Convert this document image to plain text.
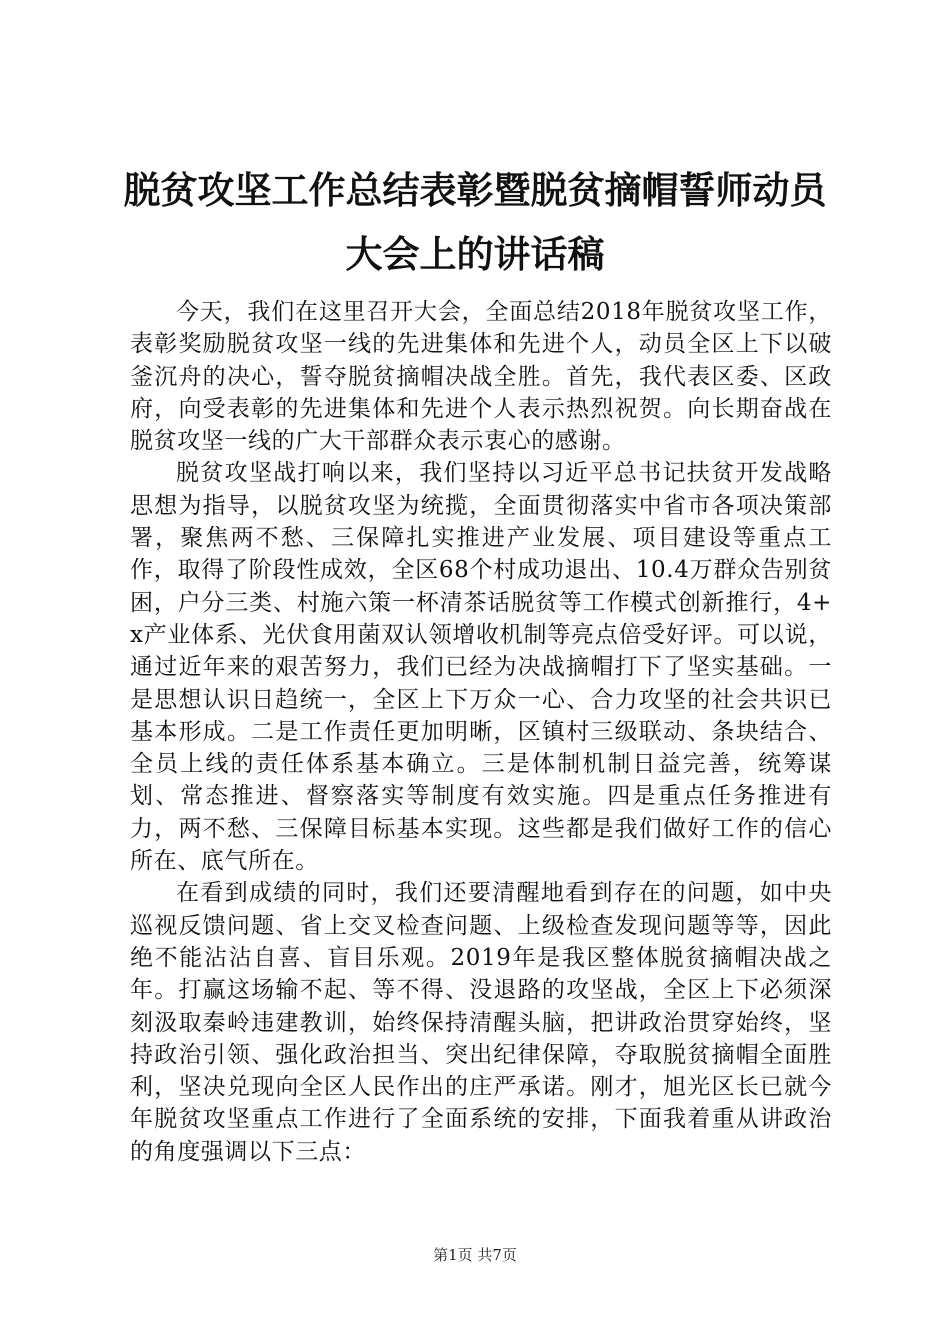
脱贫攻坚工作总结表彰暨脱贫摘帽誓师动员大会上的讲话稿

今天，我们在这里召开大会，全面总结2018年脱贫攻坚工作，表彰奖励脱贫攻坚一线的先进集体和先进个人，动员全区上下以破釜沉舟的决心，誓夺脱贫摘帽决战全胜。首先，我代表区委、区政府，向受表彰的先进集体和先进个人表示热烈祝贺。向长期奋战在脱贫攻坚一线的广大干部群众表示衷心的感谢。

脱贫攻坚战打响以来，我们坚持以习近平总书记扶贫开发战略思想为指导，以脱贫攻坚为统揽，全面贯彻落实中省市各项决策部署，聚焦两不愁、三保障扎实推进产业发展、项目建设等重点工作，取得了阶段性成效，全区68个村成功退出、10.4万群众告别贫困，户分三类、村施六策一杯清茶话脱贫等工作模式创新推行，4+x产业体系、光伏食用菌双认领增收机制等亮点倍受好评。可以说，通过近年来的艰苦努力，我们已经为决战摘帽打下了坚实基础。一是思想认识日趋统一，全区上下万众一心、合力攻坚的社会共识已基本形成。二是工作责任更加明晰，区镇村三级联动、条块结合、全员上线的责任体系基本确立。三是体制机制日益完善，统筹谋划、常态推进、督察落实等制度有效实施。四是重点任务推进有力，两不愁、三保障目标基本实现。这些都是我们做好工作的信心所在、底气所在。

在看到成绩的同时，我们还要清醒地看到存在的问题，如中央巡视反馈问题、省上交叉检查问题、上级检查发现问题等等，因此绝不能沾沾自喜、盲目乐观。2019年是我区整体脱贫摘帽决战之年。打赢这场输不起、等不得、没退路的攻坚战，全区上下必须深刻汲取秦岭违建教训，始终保持清醒头脑，把讲政治贯穿始终，坚持政治引领、强化政治担当、突出纪律保障，夺取脱贫摘帽全面胜利，坚决兑现向全区人民作出的庄严承诺。刚才，旭光区长已就今年脱贫攻坚重点工作进行了全面系统的安排，下面我着重从讲政治的角度强调以下三点：

第1页 共7页
